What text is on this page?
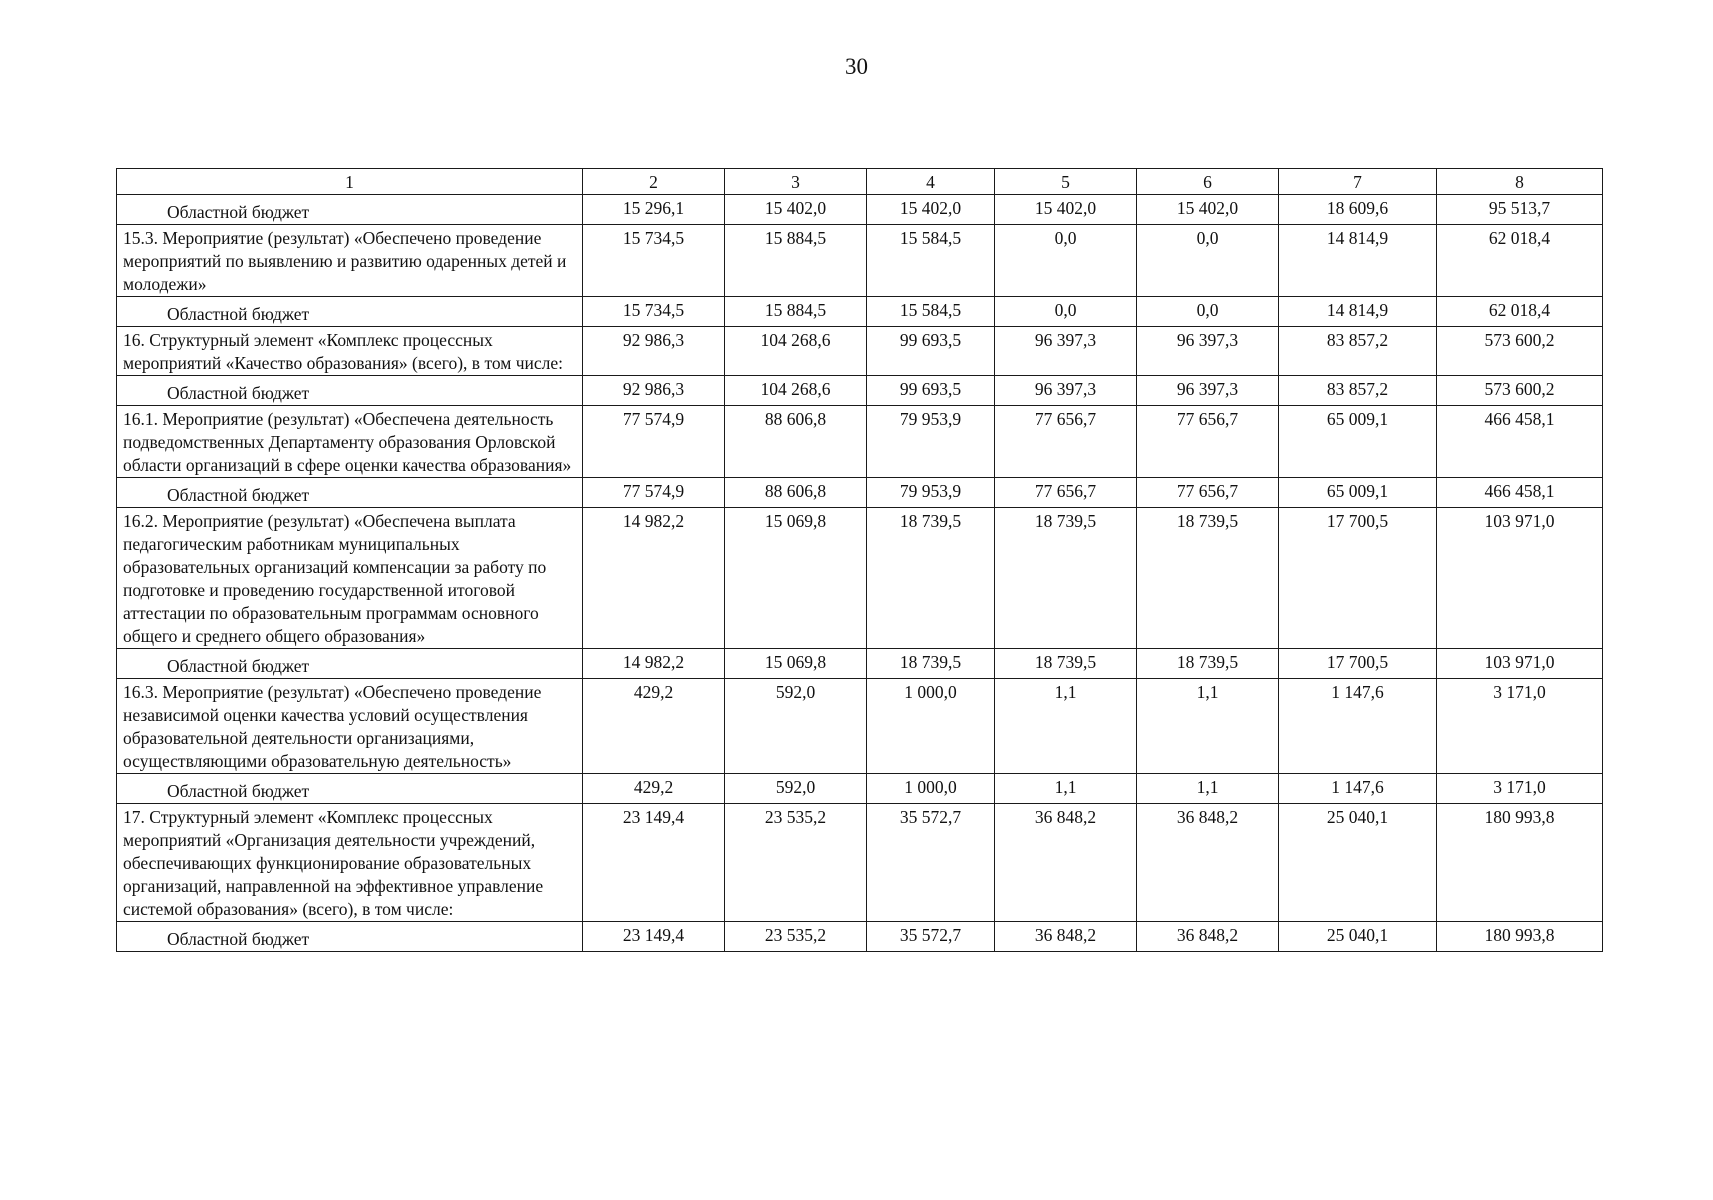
30
1	2	3	4	5	6	7	8
Областной бюджет	15 296,1	15 402,0	15 402,0	15 402,0	15 402,0	18 609,6	95 513,7
15.3. Мероприятие (результат) «Обеспечено проведение мероприятий по выявлению и развитию одаренных детей и молодежи»	15 734,5	15 884,5	15 584,5	0,0	0,0	14 814,9	62 018,4
Областной бюджет	15 734,5	15 884,5	15 584,5	0,0	0,0	14 814,9	62 018,4
16. Структурный элемент «Комплекс процессных мероприятий «Качество образования» (всего), в том числе:	92 986,3	104 268,6	99 693,5	96 397,3	96 397,3	83 857,2	573 600,2
Областной бюджет	92 986,3	104 268,6	99 693,5	96 397,3	96 397,3	83 857,2	573 600,2
16.1. Мероприятие (результат) «Обеспечена деятельность подведомственных Департаменту образования Орловской области организаций в сфере оценки качества образования»	77 574,9	88 606,8	79 953,9	77 656,7	77 656,7	65 009,1	466 458,1
Областной бюджет	77 574,9	88 606,8	79 953,9	77 656,7	77 656,7	65 009,1	466 458,1
16.2. Мероприятие (результат) «Обеспечена выплата педагогическим работникам муниципальных образовательных организаций компенсации за работу по подготовке и проведению государственной итоговой аттестации по образовательным программам основного общего и среднего общего образования»	14 982,2	15 069,8	18 739,5	18 739,5	18 739,5	17 700,5	103 971,0
Областной бюджет	14 982,2	15 069,8	18 739,5	18 739,5	18 739,5	17 700,5	103 971,0
16.3. Мероприятие (результат) «Обеспечено проведение независимой оценки качества условий осуществления образовательной деятельности организациями, осуществляющими образовательную деятельность»	429,2	592,0	1 000,0	1,1	1,1	1 147,6	3 171,0
Областной бюджет	429,2	592,0	1 000,0	1,1	1,1	1 147,6	3 171,0
17. Структурный элемент «Комплекс процессных мероприятий «Организация деятельности учреждений, обеспечивающих функционирование образовательных организаций, направленной на эффективное управление системой образования» (всего), в том числе:	23 149,4	23 535,2	35 572,7	36 848,2	36 848,2	25 040,1	180 993,8
Областной бюджет	23 149,4	23 535,2	35 572,7	36 848,2	36 848,2	25 040,1	180 993,8
